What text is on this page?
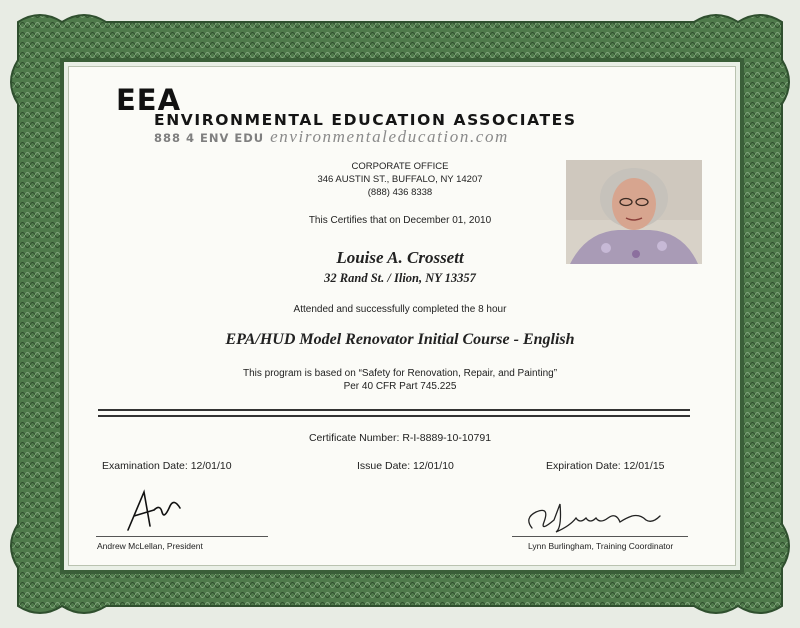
EEA
ENVIRONMENTAL EDUCATION ASSOCIATES
888 4 ENV EDU environmentaleducation.com
CORPORATE OFFICE
346 AUSTIN ST., BUFFALO, NY 14207
(888) 436 8338
This Certifies that on December 01, 2010
Louise A. Crossett
32 Rand St. / Ilion, NY 13357
Attended and successfully completed the 8 hour
EPA/HUD Model Renovator Initial Course - English
This program is based on “Safety for Renovation, Repair, and Painting”
Per 40 CFR Part 745.225
Certificate Number: R-I-8889-10-10791
Examination Date: 12/01/10	Issue Date: 12/01/10	Expiration Date: 12/01/15
Andrew McLellan, President	Lynn Burlingham, Training Coordinator
